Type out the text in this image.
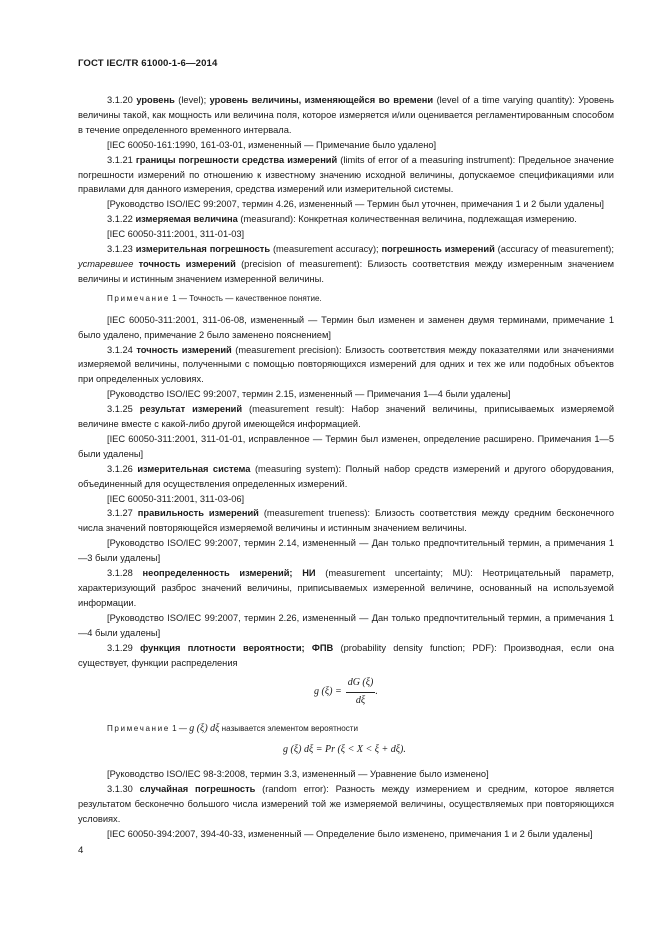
ГОСТ IEC/TR 61000-1-6—2014

3.1.20 уровень (level); уровень величины, изменяющейся во времени (level of a time varying quantity): Уровень величины такой, как мощность или величина поля, которое измеряется и/или оценивается регламентированным способом в течение определенного временного интервала.

[IEC 60050-161:1990, 161-03-01, измененный — Примечание было удалено]

3.1.21 границы погрешности средства измерений (limits of error of a measuring instrument): Предельное значение погрешности измерений по отношению к известному значению исходной величины, допускаемое спецификациями или правилами для данного измерения, средства измерений или измерительной системы.

[Руководство ISO/IEC 99:2007, термин 4.26, измененный — Термин был уточнен, примечания 1 и 2 были удалены]

3.1.22 измеряемая величина (measurand): Конкретная количественная величина, подлежащая измерению.

[IEC 60050-311:2001, 311-01-03]

3.1.23 измерительная погрешность (measurement accuracy); погрешность измерений (accuracy of measurement); устаревшее точность измерений (precision of measurement): Близость соответствия между измеренным значением величины и истинным значением измеренной величины.

Примечание 1 — Точность — качественное понятие.

[IEC 60050-311:2001, 311-06-08, измененный — Термин был изменен и заменен двумя терминами, примечание 1 было удалено, примечание 2 было заменено пояснением]

3.1.24 точность измерений (measurement precision): Близость соответствия между показателями или значениями измеряемой величины, полученными с помощью повторяющихся измерений для одних и тех же или подобных объектов при определенных условиях.

[Руководство ISO/IEC 99:2007, термин 2.15, измененный — Примечания 1—4 были удалены]

3.1.25 результат измерений (measurement result): Набор значений величины, приписываемых измеряемой величине вместе с какой-либо другой имеющейся информацией.

[IEC 60050-311:2001, 311-01-01, исправленное — Термин был изменен, определение расширено. Примечания 1—5 были удалены]

3.1.26 измерительная система (measuring system): Полный набор средств измерений и другого оборудования, объединенный для осуществления определенных измерений.

[IEC 60050-311:2001, 311-03-06]

3.1.27 правильность измерений (measurement trueness): Близость соответствия между средним бесконечного числа значений повторяющейся измеряемой величины и истинным значением величины.

[Руководство ISO/IEC 99:2007, термин 2.14, измененный — Дан только предпочтительный термин, а примечания 1—3 были удалены]

3.1.28 неопределенность измерений; НИ (measurement uncertainty; MU): Неотрицательный параметр, характеризующий разброс значений величины, приписываемых измеренной величине, основанный на используемой информации.

[Руководство ISO/IEC 99:2007, термин 2.26, измененный — Дан только предпочтительный термин, а примечания 1—4 были удалены]

3.1.29 функция плотности вероятности; ФПВ (probability density function; PDF): Производная, если она существует, функции распределения

g $(\xi) = \frac{dG (\xi)}{d\xi}$ .

Примечание 1 — g (ξ) dξ называется элементом вероятности

g (ξ) dξ = Pr (ξ < X < ξ + dξ).

[Руководство ISO/IEC 98-3:2008, термин 3.3, измененный — Уравнение было изменено]

3.1.30 случайная погрешность (random error): Разность между измерением и средним, которое является результатом бесконечно большого числа измерений той же измеряемой величины, осуществляемых при повторяющихся условиях.

[IEC 60050-394:2007, 394-40-33, измененный — Определение было изменено, примечания 1 и 2 были удалены]

4
